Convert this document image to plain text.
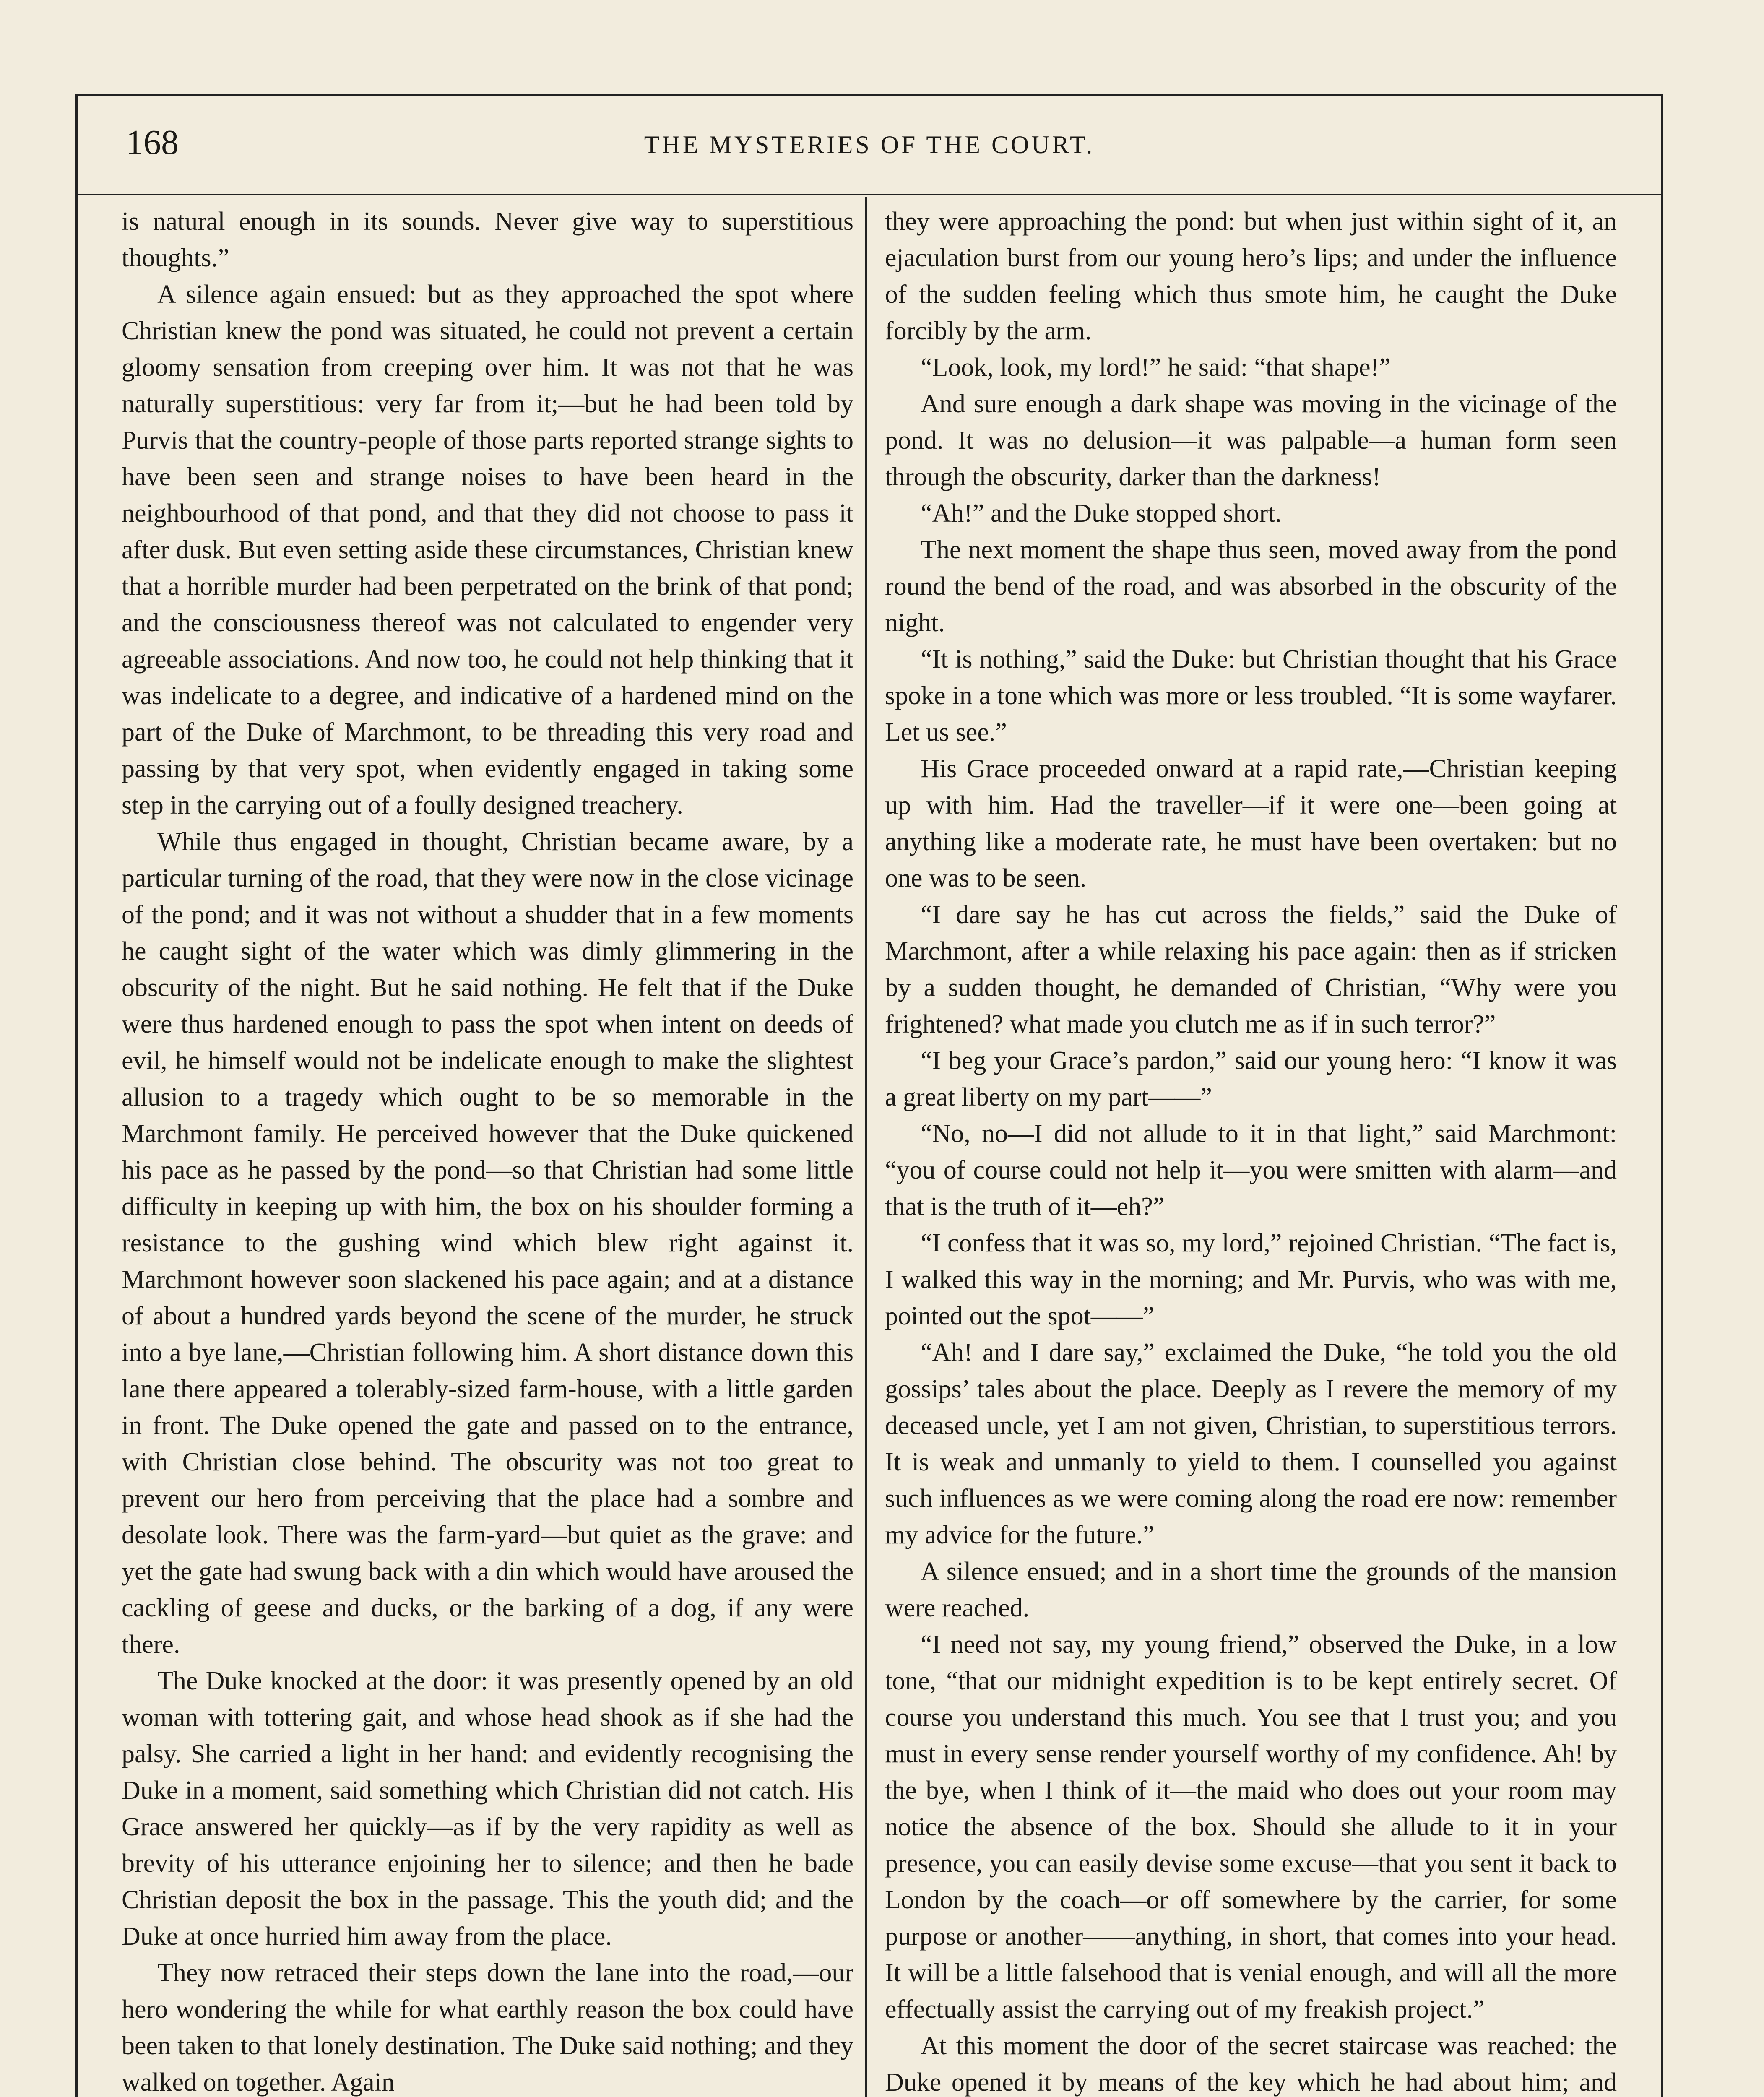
168	THE MYSTERIES OF THE COURT.

is natural enough in its sounds. Never give way to superstitious thoughts.”

A silence again ensued: but as they approached the spot where Christian knew the pond was situated, he could not prevent a certain gloomy sensation from creeping over him. It was not that he was naturally superstitious: very far from it;—but he had been told by Purvis that the country-people of those parts reported strange sights to have been seen and strange noises to have been heard in the neighbourhood of that pond, and that they did not choose to pass it after dusk. But even setting aside these circumstances, Christian knew that a horrible murder had been perpetrated on the brink of that pond; and the consciousness thereof was not calculated to engender very agreeable associations. And now too, he could not help thinking that it was indelicate to a degree, and indicative of a hardened mind on the part of the Duke of Marchmont, to be threading this very road and passing by that very spot, when evidently engaged in taking some step in the carrying out of a foully designed treachery.

While thus engaged in thought, Christian became aware, by a particular turning of the road, that they were now in the close vicinage of the pond; and it was not without a shudder that in a few moments he caught sight of the water which was dimly glimmering in the obscurity of the night. But he said nothing. He felt that if the Duke were thus hardened enough to pass the spot when intent on deeds of evil, he himself would not be indelicate enough to make the slightest allusion to a tragedy which ought to be so memorable in the Marchmont family. He perceived however that the Duke quickened his pace as he passed by the pond—so that Christian had some little difficulty in keeping up with him, the box on his shoulder forming a resistance to the gushing wind which blew right against it. Marchmont however soon slackened his pace again; and at a distance of about a hundred yards beyond the scene of the murder, he struck into a bye lane,—Christian following him. A short distance down this lane there appeared a tolerably-sized farm-house, with a little garden in front. The Duke opened the gate and passed on to the entrance, with Christian close behind. The obscurity was not too great to prevent our hero from perceiving that the place had a sombre and desolate look. There was the farm-yard—but quiet as the grave: and yet the gate had swung back with a din which would have aroused the cackling of geese and ducks, or the barking of a dog, if any were there.

The Duke knocked at the door: it was presently opened by an old woman with tottering gait, and whose head shook as if she had the palsy. She carried a light in her hand: and evidently recognising the Duke in a moment, said something which Christian did not catch. His Grace answered her quickly—as if by the very rapidity as well as brevity of his utterance enjoining her to silence; and then he bade Christian deposit the box in the passage. This the youth did; and the Duke at once hurried him away from the place.

They now retraced their steps down the lane into the road,—our hero wondering the while for what earthly reason the box could have been taken to that lonely destination. The Duke said nothing; and they walked on together. Again

they were approaching the pond: but when just within sight of it, an ejaculation burst from our young hero’s lips; and under the influence of the sudden feeling which thus smote him, he caught the Duke forcibly by the arm.

“Look, look, my lord!” he said: “that shape!”

And sure enough a dark shape was moving in the vicinage of the pond. It was no delusion—it was palpable—a human form seen through the obscurity, darker than the darkness!

“Ah!” and the Duke stopped short.

The next moment the shape thus seen, moved away from the pond round the bend of the road, and was absorbed in the obscurity of the night.

“It is nothing,” said the Duke: but Christian thought that his Grace spoke in a tone which was more or less troubled. “It is some wayfarer. Let us see.”

His Grace proceeded onward at a rapid rate,—Christian keeping up with him. Had the traveller—if it were one—been going at anything like a moderate rate, he must have been overtaken: but no one was to be seen.

“I dare say he has cut across the fields,” said the Duke of Marchmont, after a while relaxing his pace again: then as if stricken by a sudden thought, he demanded of Christian, “Why were you frightened? what made you clutch me as if in such terror?”

“I beg your Grace’s pardon,” said our young hero: “I know it was a great liberty on my part——”

“No, no—I did not allude to it in that light,” said Marchmont: “you of course could not help it—you were smitten with alarm—and that is the truth of it—eh?”

“I confess that it was so, my lord,” rejoined Christian. “The fact is, I walked this way in the morning; and Mr. Purvis, who was with me, pointed out the spot——”

“Ah! and I dare say,” exclaimed the Duke, “he told you the old gossips’ tales about the place. Deeply as I revere the memory of my deceased uncle, yet I am not given, Christian, to superstitious terrors. It is weak and unmanly to yield to them. I counselled you against such influences as we were coming along the road ere now: remember my advice for the future.”

A silence ensued; and in a short time the grounds of the mansion were reached.

“I need not say, my young friend,” observed the Duke, in a low tone, “that our midnight expedition is to be kept entirely secret. Of course you understand this much. You see that I trust you; and you must in every sense render yourself worthy of my confidence. Ah! by the bye, when I think of it—the maid who does out your room may notice the absence of the box. Should she allude to it in your presence, you can easily devise some excuse—that you sent it back to London by the coach—or off somewhere by the carrier, for some purpose or another——anything, in short, that comes into your head. It will be a little falsehood that is venial enough, and will all the more effectually assist the carrying out of my freakish project.”

At this moment the door of the secret staircase was reached: the Duke opened it by means of the key which he had about him; and
